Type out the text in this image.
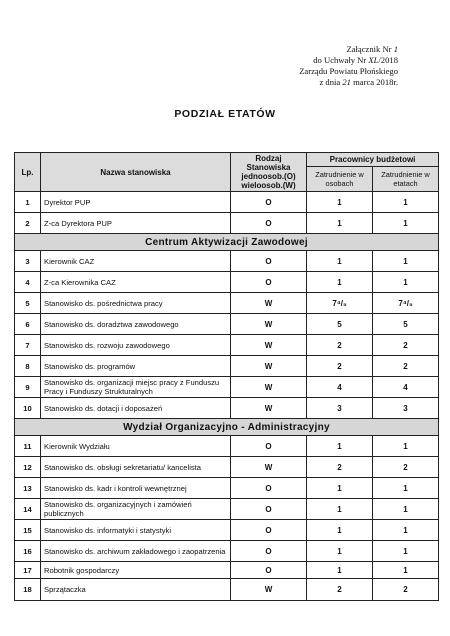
Załącznik Nr 1
do Uchwały Nr XL/2018
Zarządu Powiatu Płońskiego
z dnia 21 marca 2018r.
PODZIAŁ ETATÓW
Lp.	Nazwa stanowiska	Rodzaj Stanowiska jednoosob.(O) wieloosob.(W)	Pracownicy budżetowi	
			Zatrudnienie w osobach	Zatrudnienie w etatach
1	Dyrektor PUP	O	1	1
2	Z-ca Dyrektora PUP	O	1	1
Centrum Aktywizacji Zawodowej				
3	Kierownik CAZ	O	1	1
4	Z-ca Kierownika CAZ	O	1	1
5	Stanowisko ds. pośrednictwa pracy	W	7⁴/₅	7⁴/₅
6	Stanowisko ds. doradztwa zawodowego	W	5	5
7	Stanowisko ds. rozwoju zawodowego	W	2	2
8	Stanowisko ds. programów	W	2	2
9	Stanowisko ds. organizacji miejsc pracy z Funduszu Pracy i Funduszy Strukturalnych	W	4	4
10	Stanowisko ds. dotacji i doposażeń	W	3	3
Wydział Organizacyjno - Administracyjny				
11	Kierownik Wydziału	O	1	1
12	Stanowisko ds. obsługi sekretariatu/ kancelista	W	2	2
13	Stanowisko ds. kadr i kontroli wewnętrznej	O	1	1
14	Stanowisko ds. organizacyjnych i zamówień publicznych	O	1	1
15	Stanowisko ds. informatyki i statystyki	O	1	1
16	Stanowisko ds. archiwum zakładowego i zaopatrzenia	O	1	1
17	Robotnik gospodarczy	O	1	1
18	Sprzątaczka	W	2	2
